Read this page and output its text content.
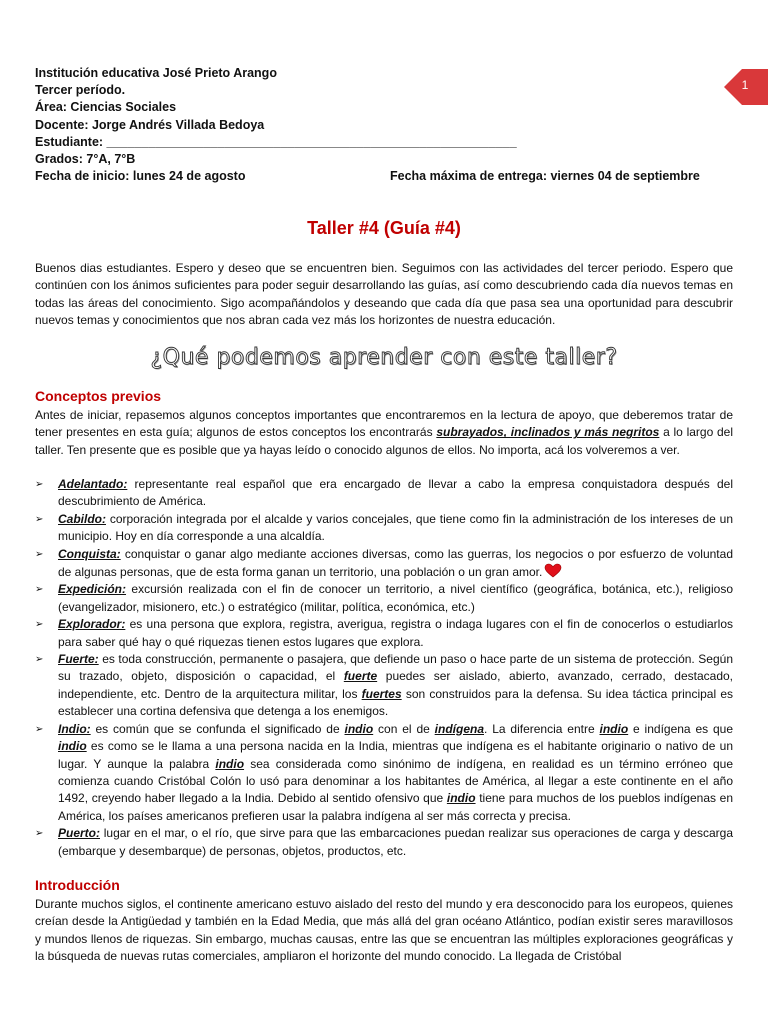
1
Institución educativa José Prieto Arango
Tercer período.
Área: Ciencias Sociales
Docente: Jorge Andrés Villada Bedoya
Estudiante: ___________________________________________________________
Grados: 7°A, 7°B
Fecha de inicio: lunes 24 de agosto	Fecha máxima de entrega: viernes 04 de septiembre
Taller #4 (Guía #4)

Buenos dias estudiantes. Espero y deseo que se encuentren bien. Seguimos con las actividades del tercer periodo. Espero que continúen con los ánimos suficientes para poder seguir desarrollando las guías, así como descubriendo cada día nuevos temas en todas las áreas del conocimiento. Sigo acompañándolos y deseando que cada día que pasa sea una oportunidad para descubrir nuevos temas y conocimientos que nos abran cada vez más los horizontes de nuestra educación.

¿Qué podemos aprender con este taller?
Conceptos previos

Antes de iniciar, repasemos algunos conceptos importantes que encontraremos en la lectura de apoyo, que deberemos tratar de tener presentes en esta guía; algunos de estos conceptos los encontrarás subrayados, inclinados y más negritos a lo largo del taller. Ten presente que es posible que ya hayas leído o conocido algunos de ellos. No importa, acá los volveremos a ver.

➢ Adelantado: representante real español que era encargado de llevar a cabo la empresa conquistadora después del descubrimiento de América.
➢ Cabildo: corporación integrada por el alcalde y varios concejales, que tiene como fin la administración de los intereses de un municipio. Hoy en día corresponde a una alcaldía.
➢ Conquista: conquistar o ganar algo mediante acciones diversas, como las guerras, los negocios o por esfuerzo de voluntad de algunas personas, que de esta forma ganan un territorio, una población o un gran amor.
➢ Expedición: excursión realizada con el fin de conocer un territorio, a nivel científico (geográfica, botánica, etc.), religioso (evangelizador, misionero, etc.) o estratégico (militar, política, económica, etc.)
➢ Explorador: es una persona que explora, registra, averigua, registra o indaga lugares con el fin de conocerlos o estudiarlos para saber qué hay o qué riquezas tienen estos lugares que explora.
➢ Fuerte: es toda construcción, permanente o pasajera, que defiende un paso o hace parte de un sistema de protección. Según su trazado, objeto, disposición o capacidad, el fuerte puedes ser aislado, abierto, avanzado, cerrado, destacado, independiente, etc. Dentro de la arquitectura militar, los fuertes son construidos para la defensa. Su idea táctica principal es establecer una cortina defensiva que detenga a los enemigos.
➢ Indio: es común que se confunda el significado de indio con el de indígena. La diferencia entre indio e indígena es que indio es como se le llama a una persona nacida en la India, mientras que indígena es el habitante originario o nativo de un lugar. Y aunque la palabra indio sea considerada como sinónimo de indígena, en realidad es un término erróneo que comienza cuando Cristóbal Colón lo usó para denominar a los habitantes de América, al llegar a este continente en el año 1492, creyendo haber llegado a la India. Debido al sentido ofensivo que indio tiene para muchos de los pueblos indígenas en América, los países americanos prefieren usar la palabra indígena al ser más correcta y precisa.
➢ Puerto: lugar en el mar, o el río, que sirve para que las embarcaciones puedan realizar sus operaciones de carga y descarga (embarque y desembarque) de personas, objetos, productos, etc.
Introducción

Durante muchos siglos, el continente americano estuvo aislado del resto del mundo y era desconocido para los europeos, quienes creían desde la Antigüedad y también en la Edad Media, que más allá del gran océano Atlántico, podían existir seres maravillosos y mundos llenos de riquezas. Sin embargo, muchas causas, entre las que se encuentran las múltiples exploraciones geográficas y la búsqueda de nuevas rutas comerciales, ampliaron el horizonte del mundo conocido. La llegada de Cristóbal
